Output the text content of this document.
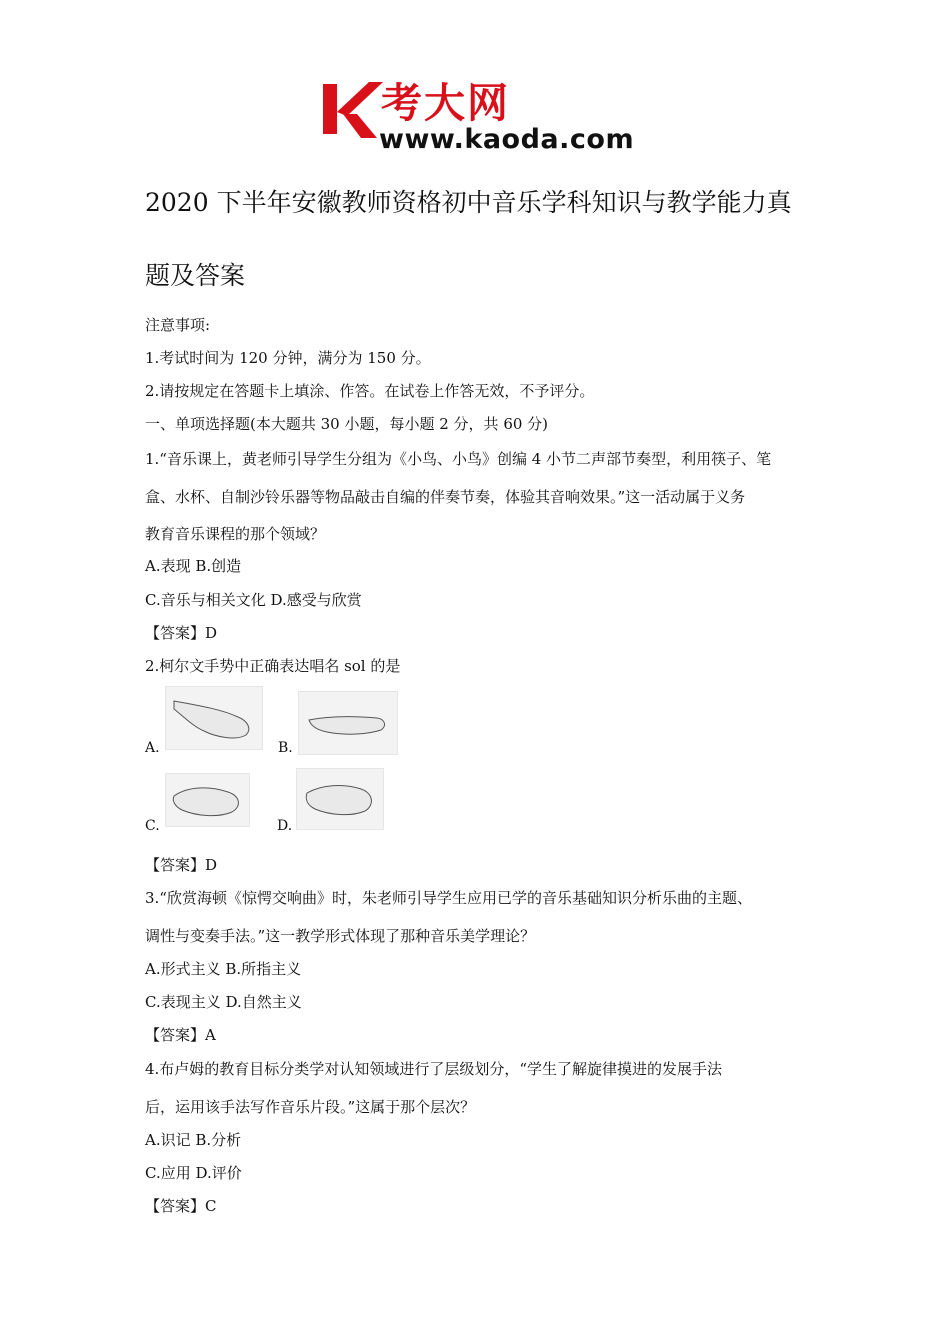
考大网
www.kaoda.com
2020 下半年安徽教师资格初中音乐学科知识与教学能力真
题及答案
注意事项:
1.考试时间为 120 分钟，满分为 150 分。
2.请按规定在答题卡上填涂、作答。在试卷上作答无效，不予评分。
一、单项选择题(本大题共 30 小题，每小题 2 分，共 60 分)
1.“音乐课上，黄老师引导学生分组为《小鸟、小鸟》创编 4 小节二声部节奏型，利用筷子、笔
盒、水杯、自制沙铃乐器等物品敲击自编的伴奏节奏，体验其音响效果。”这一活动属于义务
教育音乐课程的那个领域？
A.表现 B.创造
C.音乐与相关文化 D.感受与欣赏
【答案】D
2.柯尔文手势中正确表达唱名 sol 的是
A.	B.
C.	D.
【答案】D
3.“欣赏海顿《惊愕交响曲》时，朱老师引导学生应用已学的音乐基础知识分析乐曲的主题、
调性与变奏手法。”这一教学形式体现了那种音乐美学理论？
A.形式主义 B.所指主义
C.表现主义 D.自然主义
【答案】A
4.布卢姆的教育目标分类学对认知领域进行了层级划分，“学生了解旋律摸进的发展手法
后，运用该手法写作音乐片段。”这属于那个层次？
A.识记 B.分析
C.应用 D.评价
【答案】C
